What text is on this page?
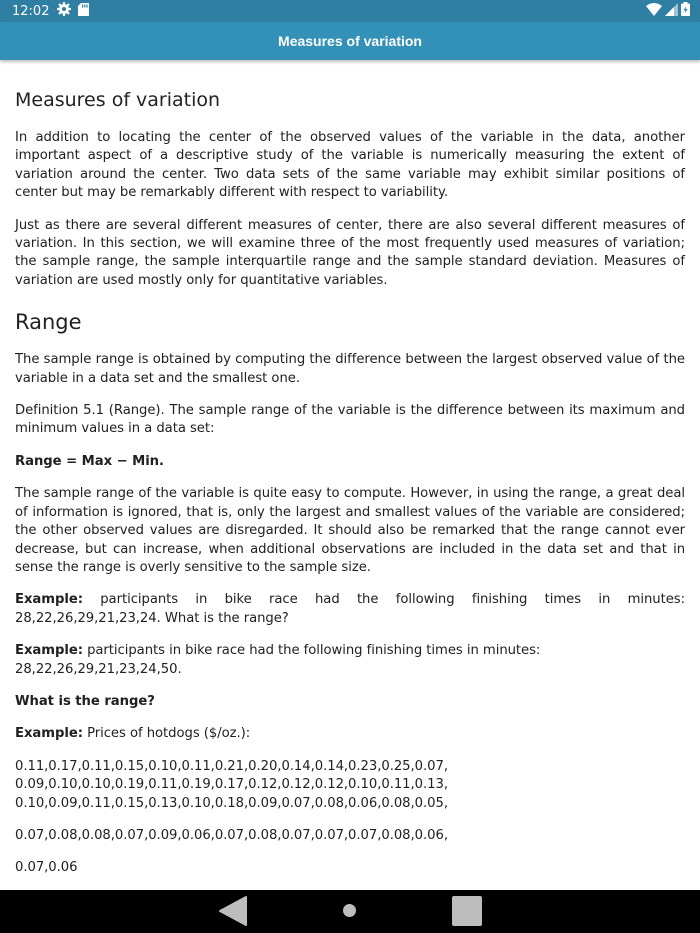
12:02
Measures of variation
Measures of variation

In addition to locating the center of the observed values of the variable in the data, another important aspect of a descriptive study of the variable is numerically measuring the extent of variation around the center. Two data sets of the same variable may exhibit similar positions of center but may be remarkably different with respect to variability.

Just as there are several different measures of center, there are also several different measures of variation. In this section, we will examine three of the most frequently used measures of variation; the sample range, the sample interquartile range and the sample standard deviation. Measures of variation are used mostly only for quantitative variables.

Range

The sample range is obtained by computing the difference between the largest observed value of the variable in a data set and the smallest one.

Definition 5.1 (Range). The sample range of the variable is the difference between its maximum and minimum values in a data set:

Range = Max − Min.

The sample range of the variable is quite easy to compute. However, in using the range, a great deal of information is ignored, that is, only the largest and smallest values of the variable are considered; the other observed values are disregarded. It should also be remarked that the range cannot ever decrease, but can increase, when additional observations are included in the data set and that in sense the range is overly sensitive to the sample size.

Example: participants in bike race had the following finishing times in minutes: 28,22,26,29,21,23,24. What is the range?

Example: participants in bike race had the following finishing times in minutes: 28,22,26,29,21,23,24,50.

What is the range?

Example: Prices of hotdogs ($/oz.):

0.11,0.17,0.11,0.15,0.10,0.11,0.21,0.20,0.14,0.14,0.23,0.25,0.07,
0.09,0.10,0.10,0.19,0.11,0.19,0.17,0.12,0.12,0.12,0.10,0.11,0.13,
0.10,0.09,0.11,0.15,0.13,0.10,0.18,0.09,0.07,0.08,0.06,0.08,0.05,

0.07,0.08,0.08,0.07,0.09,0.06,0.07,0.08,0.07,0.07,0.07,0.08,0.06,

0.07,0.06
